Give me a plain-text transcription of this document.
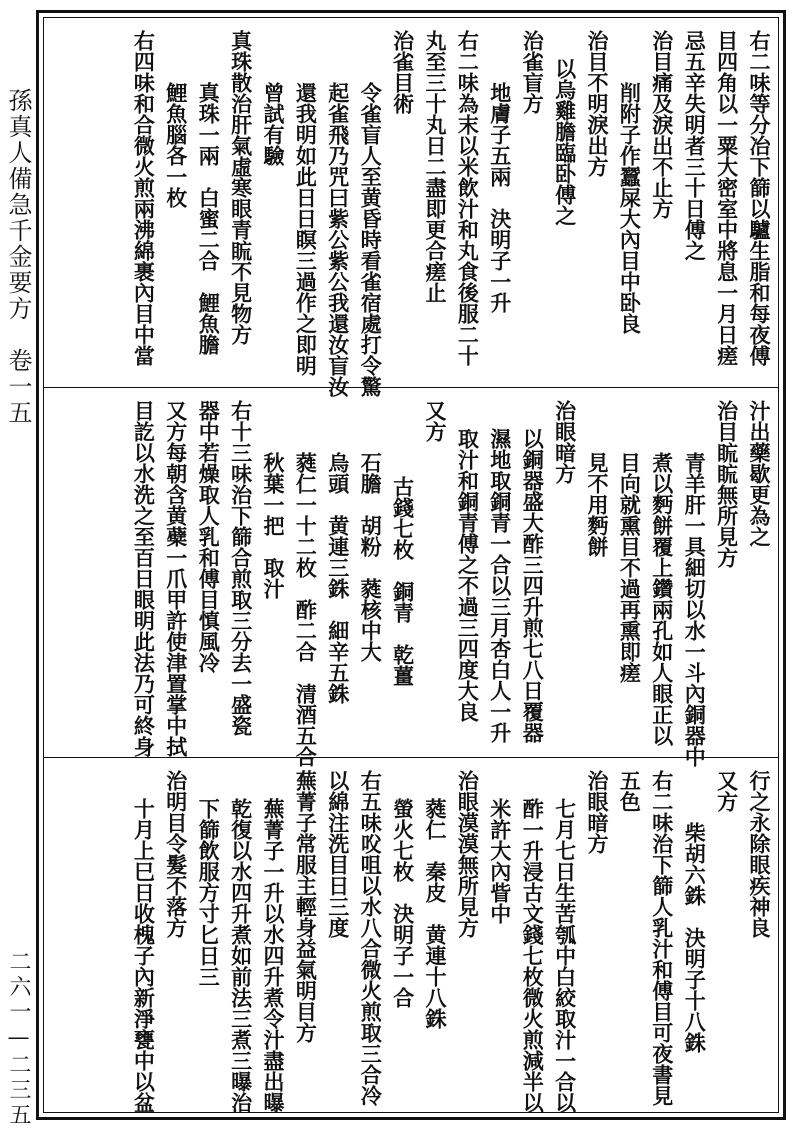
孫真人備急千金要方　卷一五
二六一—二三五
右二味等分冶下篩以驢生脂和每夜傅
目四角以一粟大密室中將息一月日瘥
忌五辛失明者三十日傅之
治目痛及淚出不止方
削附子作蠶屎大內目中卧良
治目不明淚出方
以烏雞膽臨卧傅之
治雀盲方
地膚子五兩　決明子一升
右二味為末以米飲汁和丸食後服二十
丸至三十丸日二盡即更合瘥止
治雀目術
令雀盲人至黄昏時看雀宿處打令驚
起雀飛乃咒曰紫公紫公我還汝盲汝
還我明如此日日瞑三過作之即明
曾試有驗
真珠散治肝氣虛寒眼青䀮不見物方
真珠一兩　白蜜二合　鯉魚膽
鯉魚腦各一枚
右四味和合微火煎兩沸綿裹內目中當
汁出藥歇更為之
治目䀮䀮無所見方
青羊肝一具細切以水一斗內銅器中
煮以麪餅覆上鑽兩孔如人眼正以
目向就熏目不過再熏即瘥
見不用麪餅
治眼暗方
以銅器盛大酢三四升煎七八日覆器
濕地取銅青一合以三月杏白人一升
取汁和銅青傅之不過三四度大良
又方
古錢七枚　銅青　乾薑
石膽　胡粉　蕤核中大
烏頭　黄連三銖　細辛五銖
蕤仁一十二枚　酢二合　清酒五合
秋葉一把　取汁
右十三味治下篩合煎取三分去一盛瓷
器中若燥取人乳和傅目慎風冷
又方每朝含黄蘗一爪甲許使津置掌中拭
目訖以水洗之至百日眼明此法乃可終身
行之永除眼疾神良
又方
柴胡六銖　決明子十八銖
右二味治下篩人乳汁和傅目可夜書見
五色
治眼暗方
七月七日生苦瓠中白絞取汁一合以
酢一升浸古文錢七枚微火煎減半以
米許大內眥中
治眼漠漠無所見方
蕤仁　秦皮　黄連十八銖
螢火七枚　決明子一合
右五味㕮咀以水八合微火煎取三合冷
以綿注洗目日三度
蕪菁子常服主輕身益氣明目方
蕪菁子一升以水四升煮令汁盡出曝
乾復以水四升煮如前法三煮三曝治
下篩飲服方寸匕日三
治明目令髮不落方
十月上巳日收槐子內新淨甕中以盆
